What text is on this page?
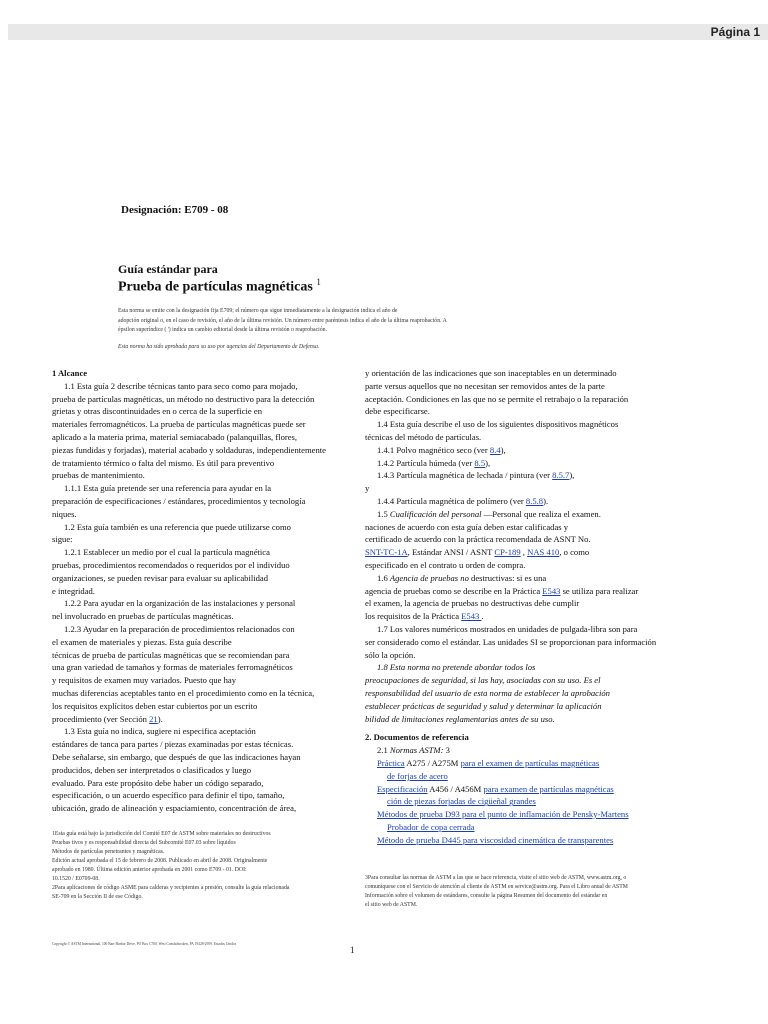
Página 1
Designación: E709 - 08
Guía estándar para
Prueba de partículas magnéticas $^1$
Esta norma se emite con la designación fija E709; el número que sigue inmediatamente a la designación indica el año de
adopción original o, en el caso de revisión, el año de la última revisión. Un número entre paréntesis indica el año de la última reaprobación. A
épsilon superíndice ( ') indica un cambio editorial desde la última revisión o reaprobación.
Esta norma ha sido aprobada para su uso por agencias del Departamento de Defensa.

1 Alcance

1.1 Esta guía 2 describe técnicas tanto para seco como para mojado,

prueba de partículas magnéticas, un método no destructivo para la detección

grietas y otras discontinuidades en o cerca de la superficie en

materiales ferromagnéticos. La prueba de partículas magnéticas puede ser

aplicado a la materia prima, material semiacabado (palanquillas, flores,

piezas fundidas y forjadas), material acabado y soldaduras, independientemente

de tratamiento térmico o falta del mismo. Es útil para preventivo

pruebas de mantenimiento.

1.1.1 Esta guía pretende ser una referencia para ayudar en la

preparación de especificaciones / estándares, procedimientos y tecnología

niques.

1.2 Esta guía también es una referencia que puede utilizarse como

sigue:

1.2.1 Establecer un medio por el cual la partícula magnética

pruebas, procedimientos recomendados o requeridos por el individuo

organizaciones, se pueden revisar para evaluar su aplicabilidad

e integridad.

1.2.2 Para ayudar en la organización de las instalaciones y personal

nel involucrado en pruebas de partículas magnéticas.

1.2.3 Ayudar en la preparación de procedimientos relacionados con

el examen de materiales y piezas. Esta guía describe

técnicas de prueba de partículas magnéticas que se recomiendan para

una gran variedad de tamaños y formas de materiales ferromagnéticos

y requisitos de examen muy variados. Puesto que hay

muchas diferencias aceptables tanto en el procedimiento como en la técnica,

los requisitos explícitos deben estar cubiertos por un escrito

procedimiento (ver Sección 21).

1.3 Esta guía no indica, sugiere ni especifica aceptación

estándares de tanca para partes / piezas examinadas por estas técnicas.

Debe señalarse, sin embargo, que después de que las indicaciones hayan

producidos, deben ser interpretados o clasificados y luego

evaluado. Para este propósito debe haber un código separado,

especificación, o un acuerdo específico para definir el tipo, tamaño,

ubicación, grado de alineación y espaciamiento, concentración de área,

y orientación de las indicaciones que son inaceptables en un determinado

parte versus aquellos que no necesitan ser removidos antes de la parte

aceptación. Condiciones en las que no se permite el retrabajo o la reparación

debe especificarse.

1.4 Esta guía describe el uso de los siguientes dispositivos magnéticos

técnicas del método de partículas.

1.4.1 Polvo magnético seco (ver 8.4),

1.4.2 Partícula húmeda (ver 8.5),

1.4.3 Partícula magnética de lechada / pintura (ver 8.5.7),

y

1.4.4 Partícula magnética de polímero (ver 8.5.8).

1.5 Cualificación del personal —Personal que realiza el examen.

naciones de acuerdo con esta guía deben estar calificadas y

certificado de acuerdo con la práctica recomendada de ASNT No.

SNT-TC-1A, Estándar ANSI / ASNT CP-189 , NAS 410, o como

especificado en el contrato u orden de compra.

1.6 Agencia de pruebas no destructivas: si es una

agencia de pruebas como se describe en la Práctica E543 se utiliza para realizar

el examen, la agencia de pruebas no destructivas debe cumplir

los requisitos de la Práctica E543 .

1.7 Los valores numéricos mostrados en unidades de pulgada-libra son para

ser considerado como el estándar. Las unidades SI se proporcionan para información

sólo la opción.

1.8 Esta norma no pretende abordar todos los

preocupaciones de seguridad, si las hay, asociadas con su uso. Es el

responsabilidad del usuario de esta norma de establecer la aprobación

establecer prácticas de seguridad y salud y determinar la aplicación

bilidad de limitaciones reglamentarias antes de su uso.

2. Documentos de referencia

2.1 Normas ASTM: 3

Práctica A275 / A275M para el examen de partículas magnéticas

de forjas de acero

Especificación A456 / A456M para examen de partículas magnéticas

ción de piezas forjadas de cigüeñal grandes

Métodos de prueba D93 para el punto de inflamación de Pensky-Martens

Probador de copa cerrada

Método de prueba D445 para viscosidad cinemática de transparentes

1Esta guía está bajo la jurisdicción del Comité E07 de ASTM sobre materiales no destructivos

Pruebas tivos y es responsabilidad directa del Subcomité E07.03 sobre líquidos

Métodos de partículas penetrantes y magnéticas.

Edición actual aprobada el 15 de febrero de 2008. Publicado en abril de 2008. Originalmente

aprobado en 1980. Última edición anterior aprobada en 2001 como E709 - 01. DOI:

10.1520 / E0709-08.

2Para aplicaciones de código ASME para calderas y recipientes a presión, consulte la guía relacionada

SE-709 en la Sección II de ese Código.

3Para consultar las normas de ASTM a las que se hace referencia, visite el sitio web de ASTM, www.astm.org, o

comuníquese con el Servicio de atención al cliente de ASTM en service@astm.org. Para el Libro anual de ASTM

Información sobre el volumen de estándares, consulte la página Resumen del documento del estándar en

el sitio web de ASTM.

Copyright © ASTM International, 100 Barr Harbor Drive, PO Box C700, West Conshohocken, PA 19428-2959. Estados Unidos
1
